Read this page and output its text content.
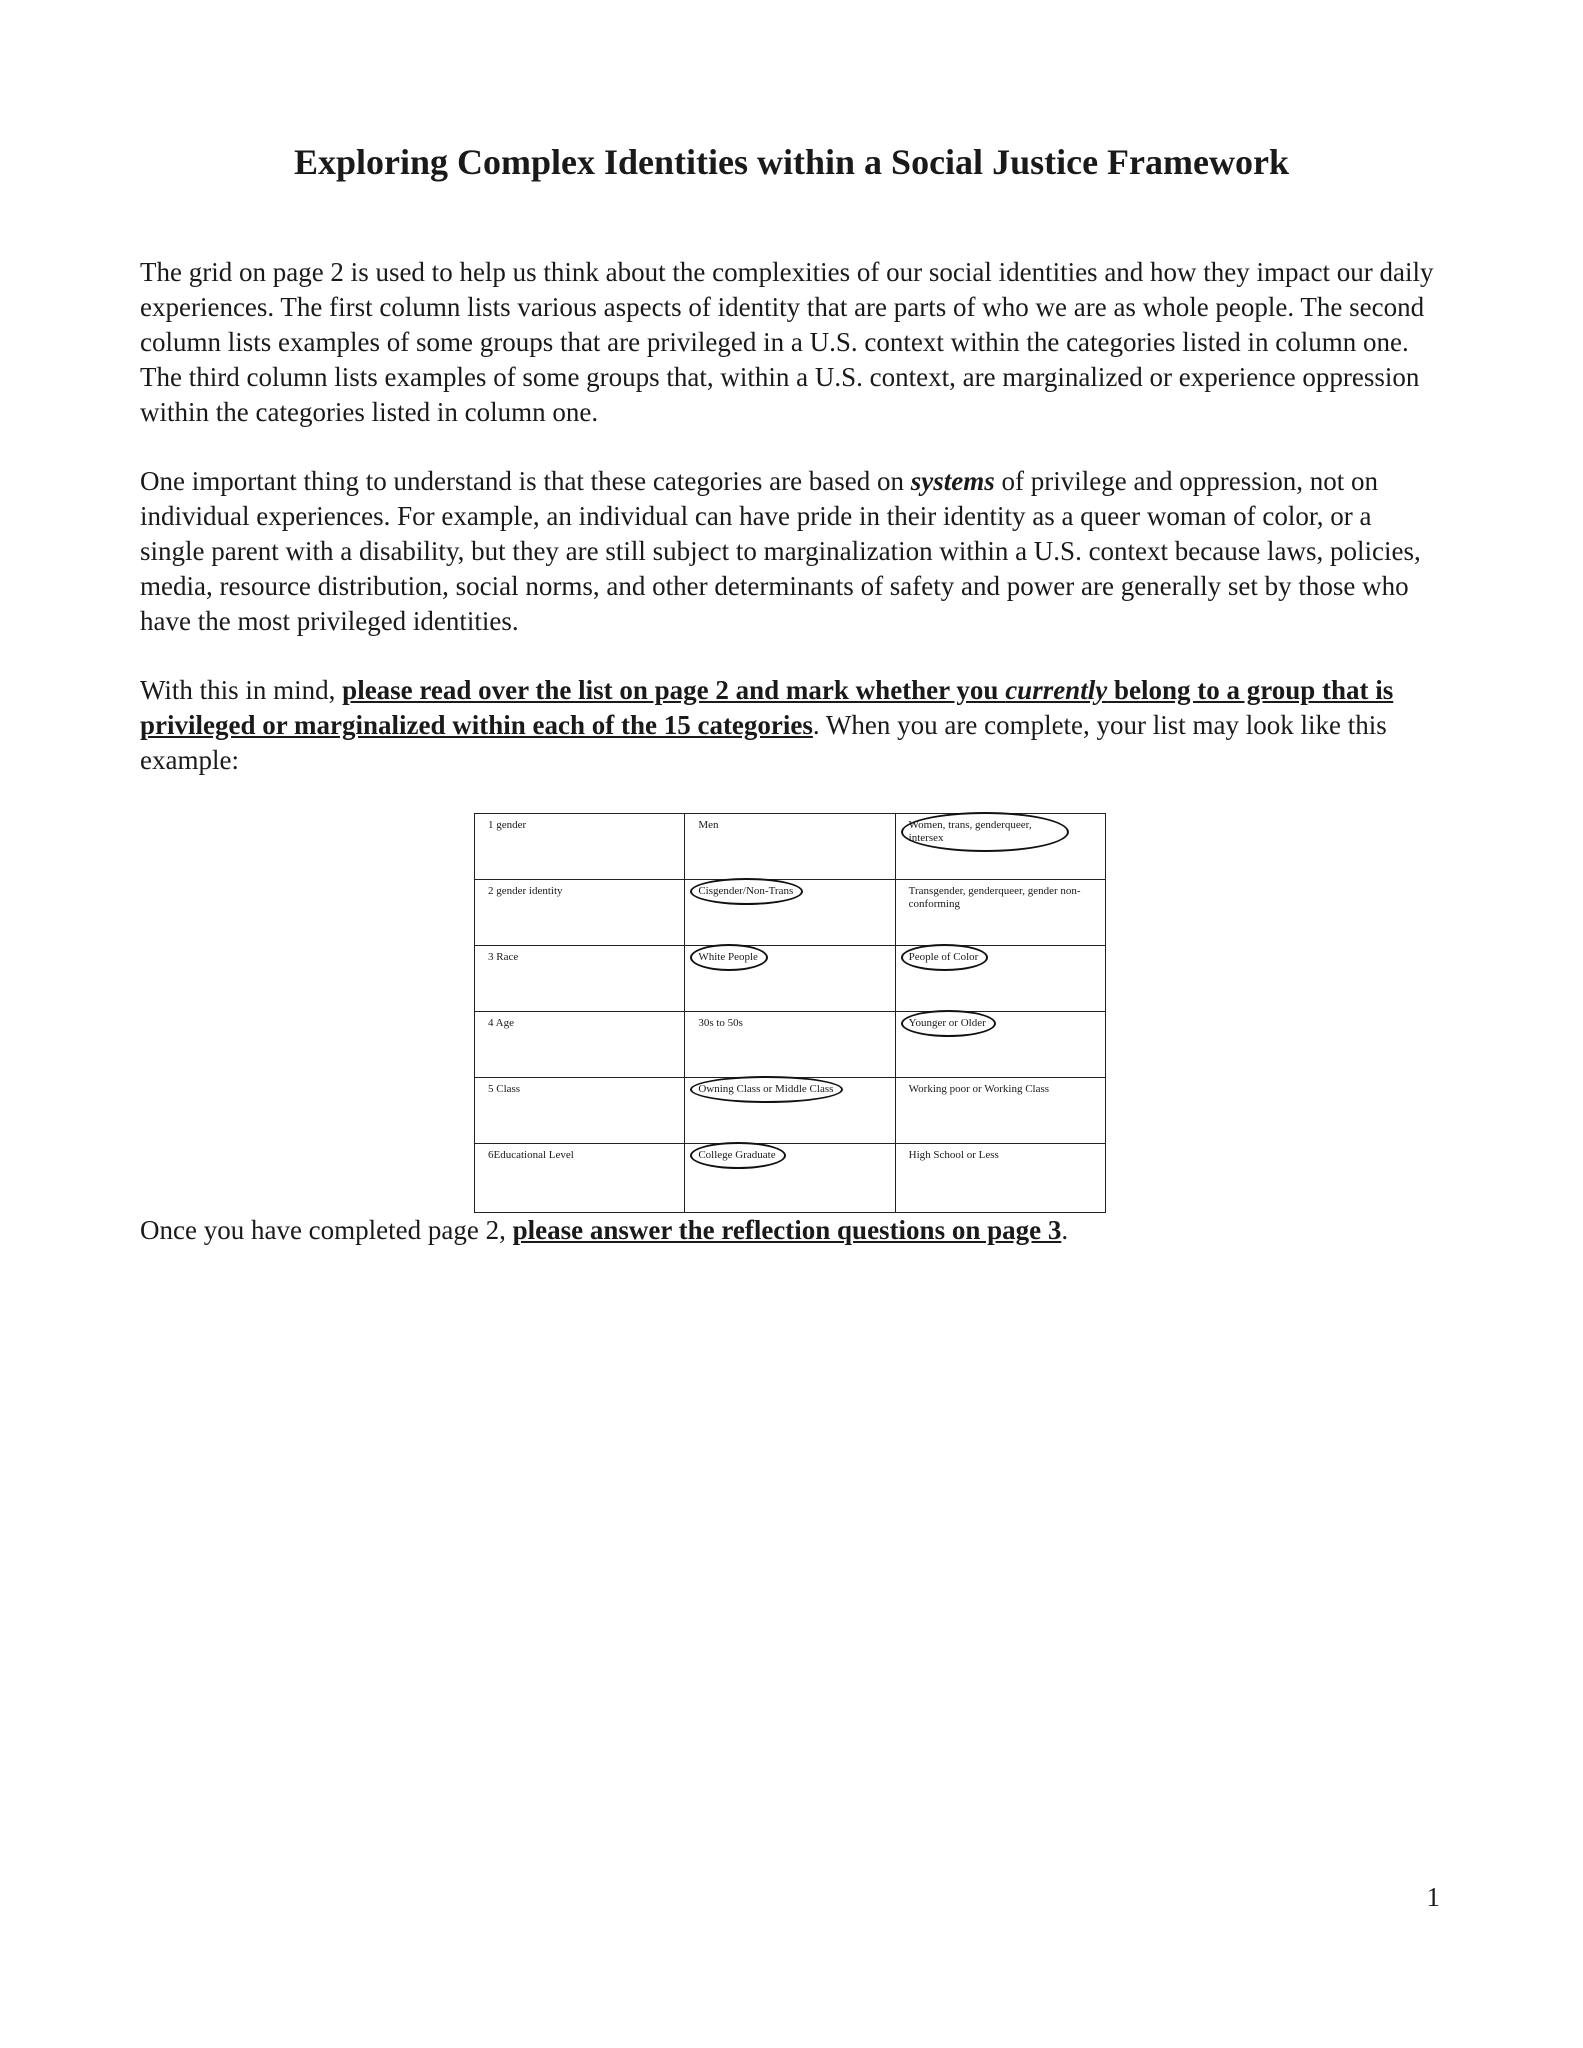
Exploring Complex Identities within a Social Justice Framework

The grid on page 2 is used to help us think about the complexities of our social identities and how they impact our daily experiences. The first column lists various aspects of identity that are parts of who we are as whole people. The second column lists examples of some groups that are privileged in a U.S. context within the categories listed in column one. The third column lists examples of some groups that, within a U.S. context, are marginalized or experience oppression within the categories listed in column one.

One important thing to understand is that these categories are based on systems of privilege and oppression, not on individual experiences. For example, an individual can have pride in their identity as a queer woman of color, or a single parent with a disability, but they are still subject to marginalization within a U.S. context because laws, policies, media, resource distribution, social norms, and other determinants of safety and power are generally set by those who have the most privileged identities.

With this in mind, please read over the list on page 2 and mark whether you currently belong to a group that is privileged or marginalized within each of the 15 categories. When you are complete, your list may look like this example:

1 gender	Men	Women, trans, genderqueer, intersex
2 gender identity	Cisgender/Non-Trans	Transgender, genderqueer, gender non-conforming
3 Race	White People	People of Color
4 Age	30s to 50s	Younger or Older
5 Class	Owning Class or Middle Class	Working poor or Working Class
6Educational Level	College Graduate	High School or Less

Once you have completed page 2, please answer the reflection questions on page 3.

1
